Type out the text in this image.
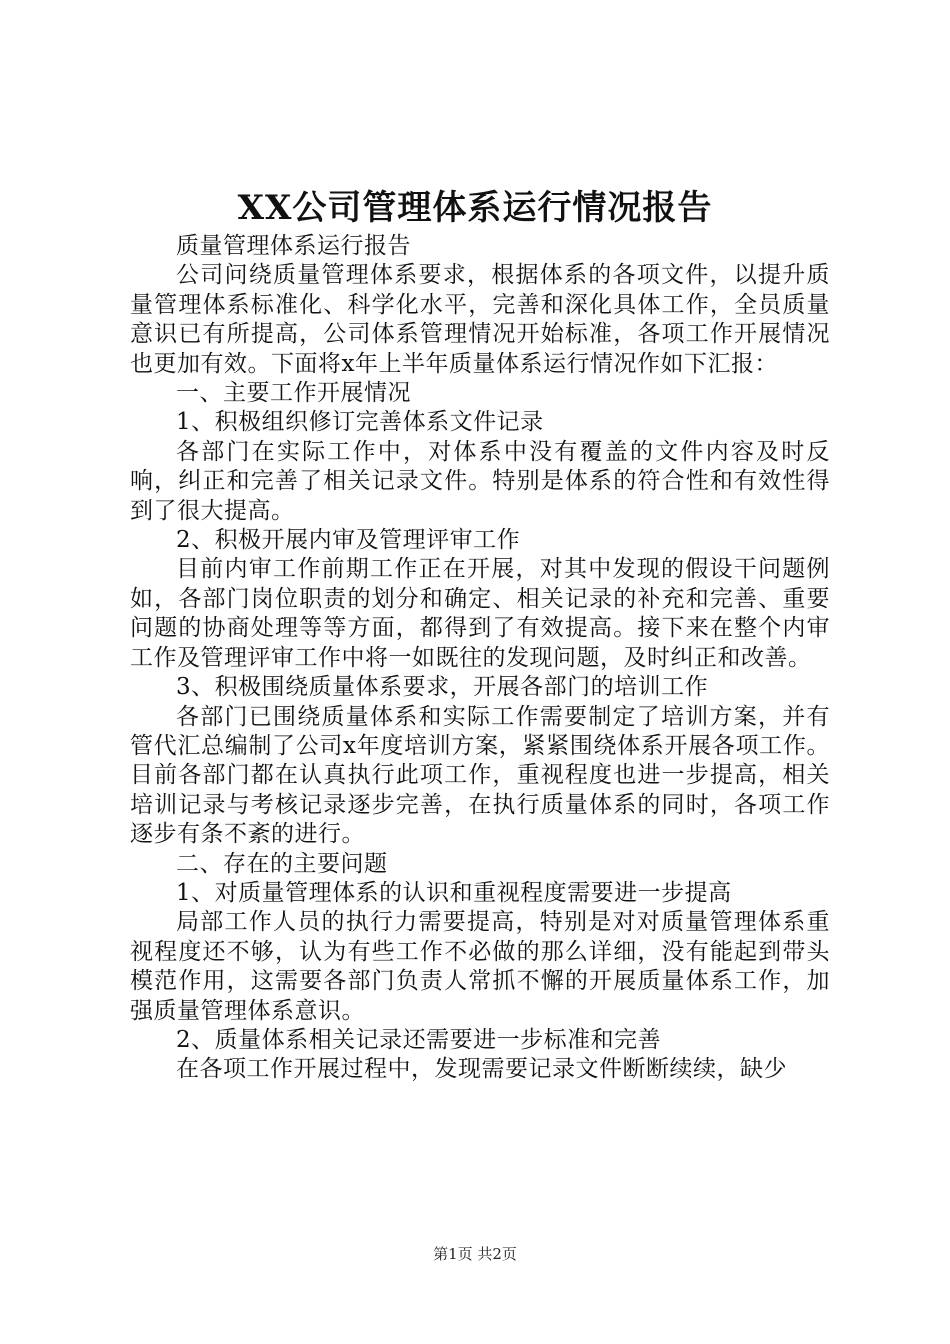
XX公司管理体系运行情况报告

质量管理体系运行报告

公司问绕质量管理体系要求，根据体系的各项文件，以提升质量管理体系标准化、科学化水平，完善和深化具体工作，全员质量意识已有所提高，公司体系管理情况开始标准，各项工作开展情况也更加有效。下面将x年上半年质量体系运行情况作如下汇报：

一、主要工作开展情况

1、积极组织修订完善体系文件记录

各部门在实际工作中，对体系中没有覆盖的文件内容及时反响，纠正和完善了相关记录文件。特别是体系的符合性和有效性得到了很大提高。

2、积极开展内审及管理评审工作

目前内审工作前期工作正在开展，对其中发现的假设干问题例如，各部门岗位职责的划分和确定、相关记录的补充和完善、重要问题的协商处理等等方面，都得到了有效提高。接下来在整个内审工作及管理评审工作中将一如既往的发现问题，及时纠正和改善。

3、积极围绕质量体系要求，开展各部门的培训工作

各部门已围绕质量体系和实际工作需要制定了培训方案，并有管代汇总编制了公司x年度培训方案，紧紧围绕体系开展各项工作。目前各部门都在认真执行此项工作，重视程度也进一步提高，相关培训记录与考核记录逐步完善，在执行质量体系的同时，各项工作逐步有条不紊的进行。

二、存在的主要问题

1、对质量管理体系的认识和重视程度需要进一步提高

局部工作人员的执行力需要提高，特别是对对质量管理体系重视程度还不够，认为有些工作不必做的那么详细，没有能起到带头模范作用，这需要各部门负责人常抓不懈的开展质量体系工作，加强质量管理体系意识。

2、质量体系相关记录还需要进一步标准和完善

在各项工作开展过程中，发现需要记录文件断断续续，缺少

第1页 共2页
